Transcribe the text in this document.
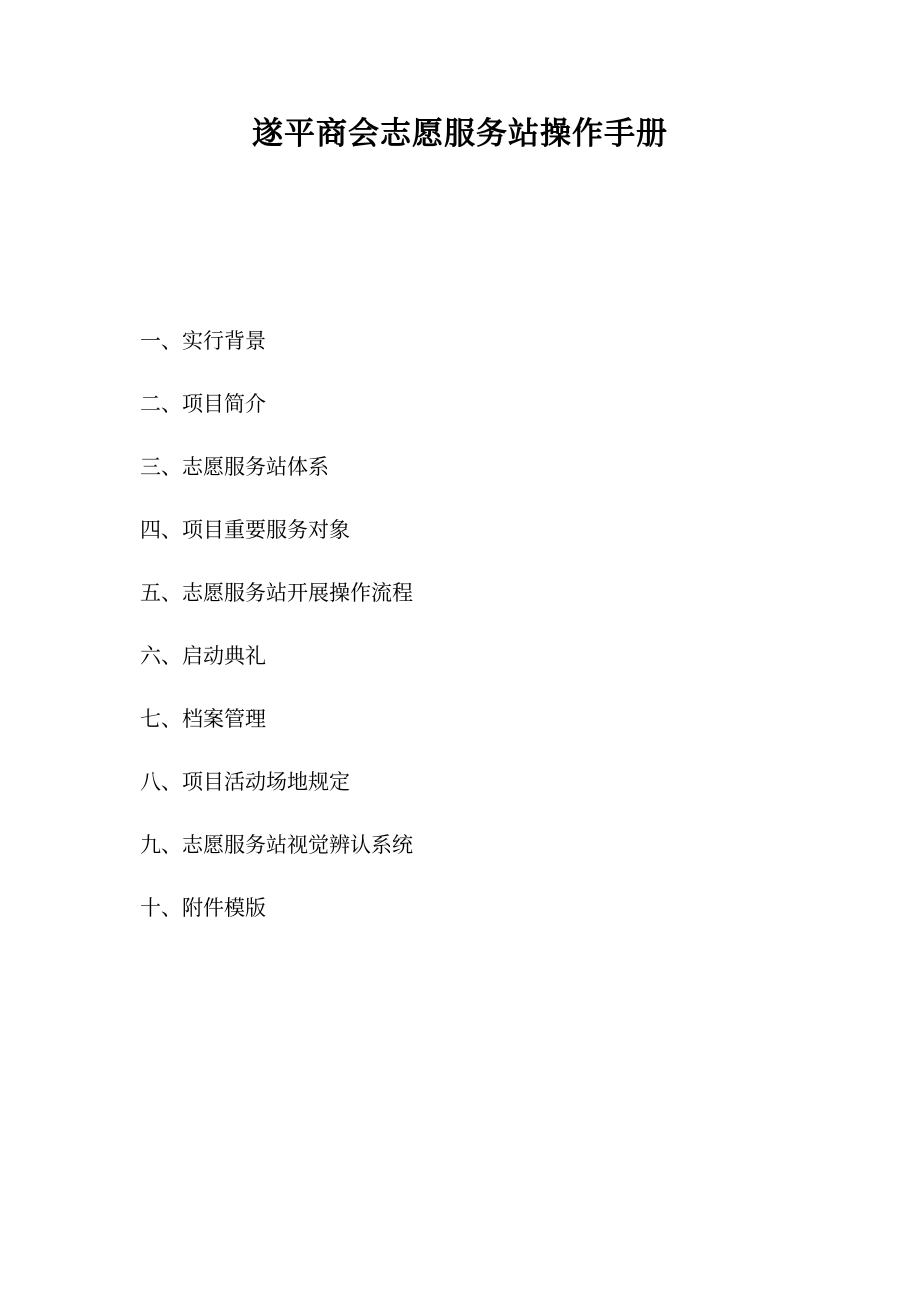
遂平商会志愿服务站操作手册
一、实行背景
二、项目简介
三、志愿服务站体系
四、项目重要服务对象
五、志愿服务站开展操作流程
六、启动典礼
七、档案管理
八、项目活动场地规定
九、志愿服务站视觉辨认系统
十、附件模版
